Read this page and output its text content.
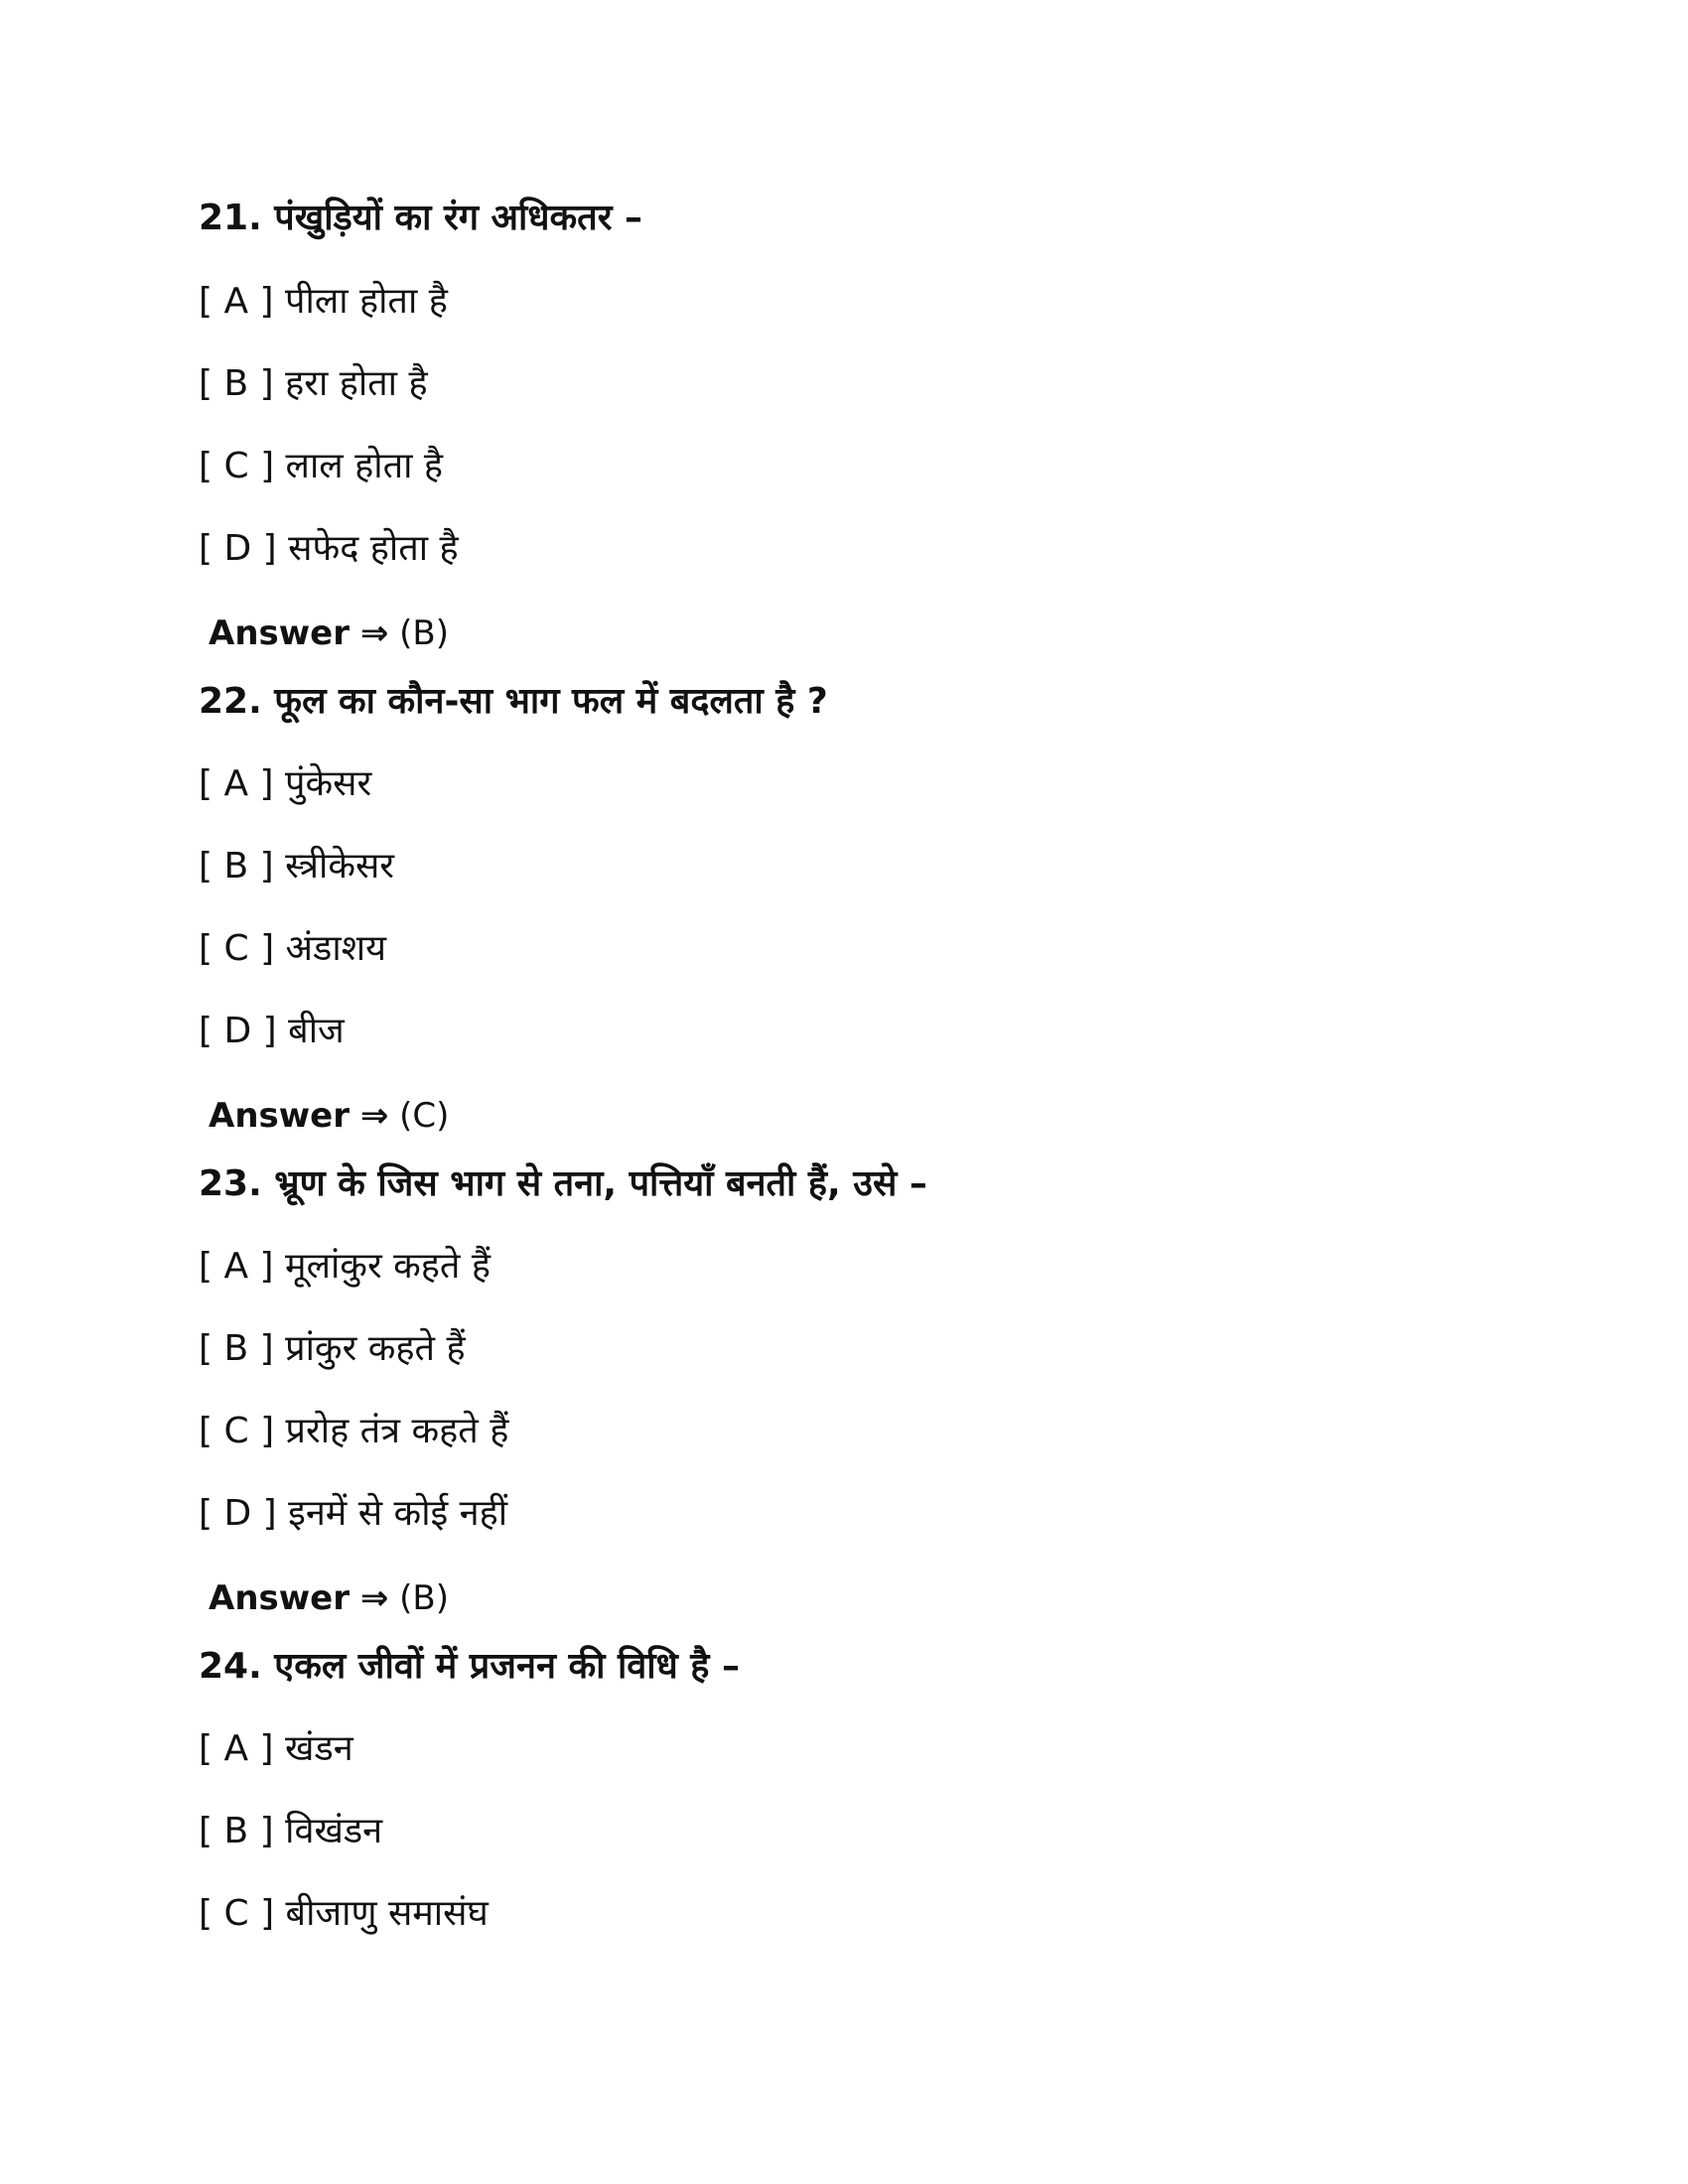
21. पंखुड़ियों का रंग अधिकतर –
[ A ] पीला होता है
[ B ] हरा होता है
[ C ] लाल होता है
[ D ] सफेद होता है
Answer ⇒ (B)
22. फूल का कौन-सा भाग फल में बदलता है ?
[ A ] पुंकेसर
[ B ] स्त्रीकेसर
[ C ] अंडाशय
[ D ] बीज
Answer ⇒ (C)
23. भ्रूण के जिस भाग से तना, पत्तियाँ बनती हैं, उसे –
[ A ] मूलांकुर कहते हैं
[ B ] प्रांकुर कहते हैं
[ C ] प्ररोह तंत्र कहते हैं
[ D ] इनमें से कोई नहीं
Answer ⇒ (B)
24. एकल जीवों में प्रजनन की विधि है –
[ A ] खंडन
[ B ] विखंडन
[ C ] बीजाणु समासंघ
